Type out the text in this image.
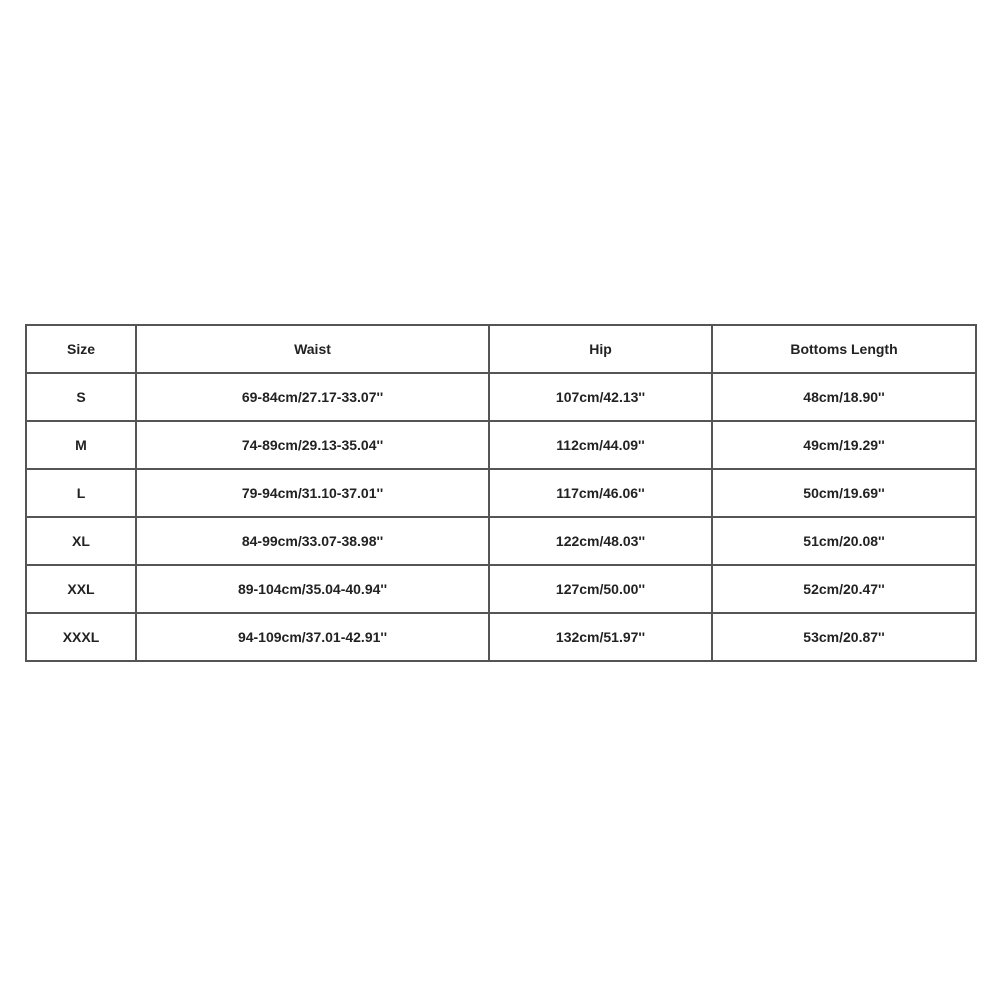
Size	Waist	Hip	Bottoms Length
S	69-84cm/27.17-33.07''	107cm/42.13''	48cm/18.90''
M	74-89cm/29.13-35.04''	112cm/44.09''	49cm/19.29''
L	79-94cm/31.10-37.01''	117cm/46.06''	50cm/19.69''
XL	84-99cm/33.07-38.98''	122cm/48.03''	51cm/20.08''
XXL	89-104cm/35.04-40.94''	127cm/50.00''	52cm/20.47''
XXXL	94-109cm/37.01-42.91''	132cm/51.97''	53cm/20.87''
